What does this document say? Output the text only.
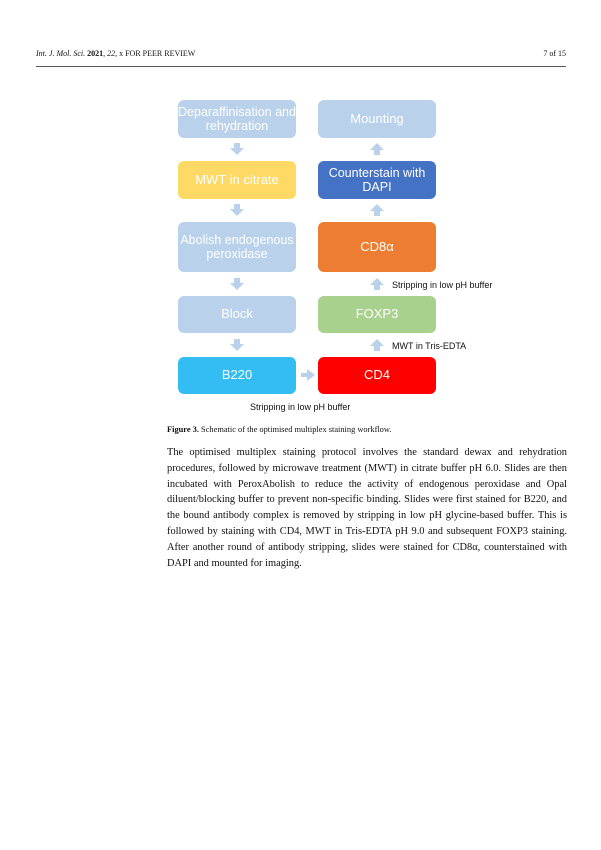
Int. J. Mol. Sci. 2021, 22, x FOR PEER REVIEW	7 of 15
Deparaffinisation and rehydration
MWT in citrate
Abolish endogenous peroxidase
Block
B220
Mounting
Counterstain with DAPI
CD8α
FOXP3
CD4
Stripping in low pH buffer
MWT in Tris-EDTA
Stripping in low pH buffer
Figure 3. Schematic of the optimised multiplex staining workflow.

The optimised multiplex staining protocol involves the standard dewax and rehydration procedures, followed by microwave treatment (MWT) in citrate buffer pH 6.0. Slides are then incubated with PeroxAbolish to reduce the activity of endogenous peroxidase and Opal diluent/blocking buffer to prevent non-specific binding. Slides were first stained for B220, and the bound antibody complex is removed by stripping in low pH glycine-based buffer. This is followed by staining with CD4, MWT in Tris-EDTA pH 9.0 and subsequent FOXP3 staining. After another round of antibody stripping, slides were stained for CD8α, counterstained with DAPI and mounted for imaging.
